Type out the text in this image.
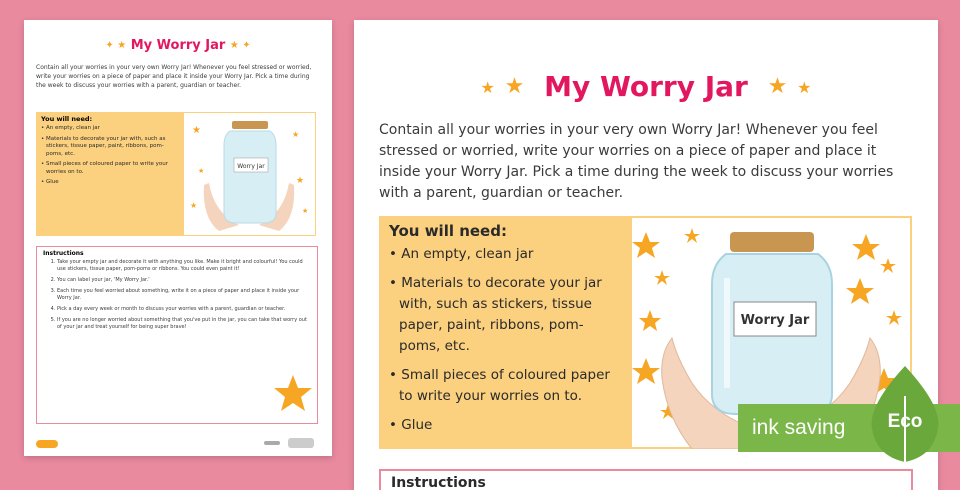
✦ ★ My Worry Jar ★ ✦
Contain all your worries in your very own Worry Jar! Whenever you feel stressed or worried, write your worries on a piece of paper and place it inside your Worry Jar. Pick a time during the week to discuss your worries with a parent, guardian or teacher.
You will need:
• An empty, clean jar
• Materials to decorate your jar with, such as stickers, tissue paper, paint, ribbons, pom-poms, etc.
• Small pieces of coloured paper to write your worries on to.
• Glue
★	★
★
★
★
★
Worry Jar
Instructions
1. Take your empty jar and decorate it with anything you like. Make it bright and colourful! You could use stickers, tissue paper, pom-poms or ribbons. You could even paint it!
2. You can label your jar, 'My Worry Jar.'
3. Each time you feel worried about something, write it on a piece of paper and place it inside your Worry Jar.
4. Pick a day every week or month to discuss your worries with a parent, guardian or teacher.
5. If you are no longer worried about something that you've put in the jar, you can take that worry out of your jar and treat yourself for being super brave!
★ ★ My Worry Jar ★ ★
Contain all your worries in your very own Worry Jar! Whenever you feel stressed or worried, write your worries on a piece of paper and place it inside your Worry Jar. Pick a time during the week to discuss your worries with a parent, guardian or teacher.
You will need:
• An empty, clean jar
• Materials to decorate your jar with, such as stickers, tissue paper, paint, ribbons, pom-poms, etc.
• Small pieces of coloured paper to write your worries on to.
• Glue
Worry Jar
Instructions
ink saving	Eco
